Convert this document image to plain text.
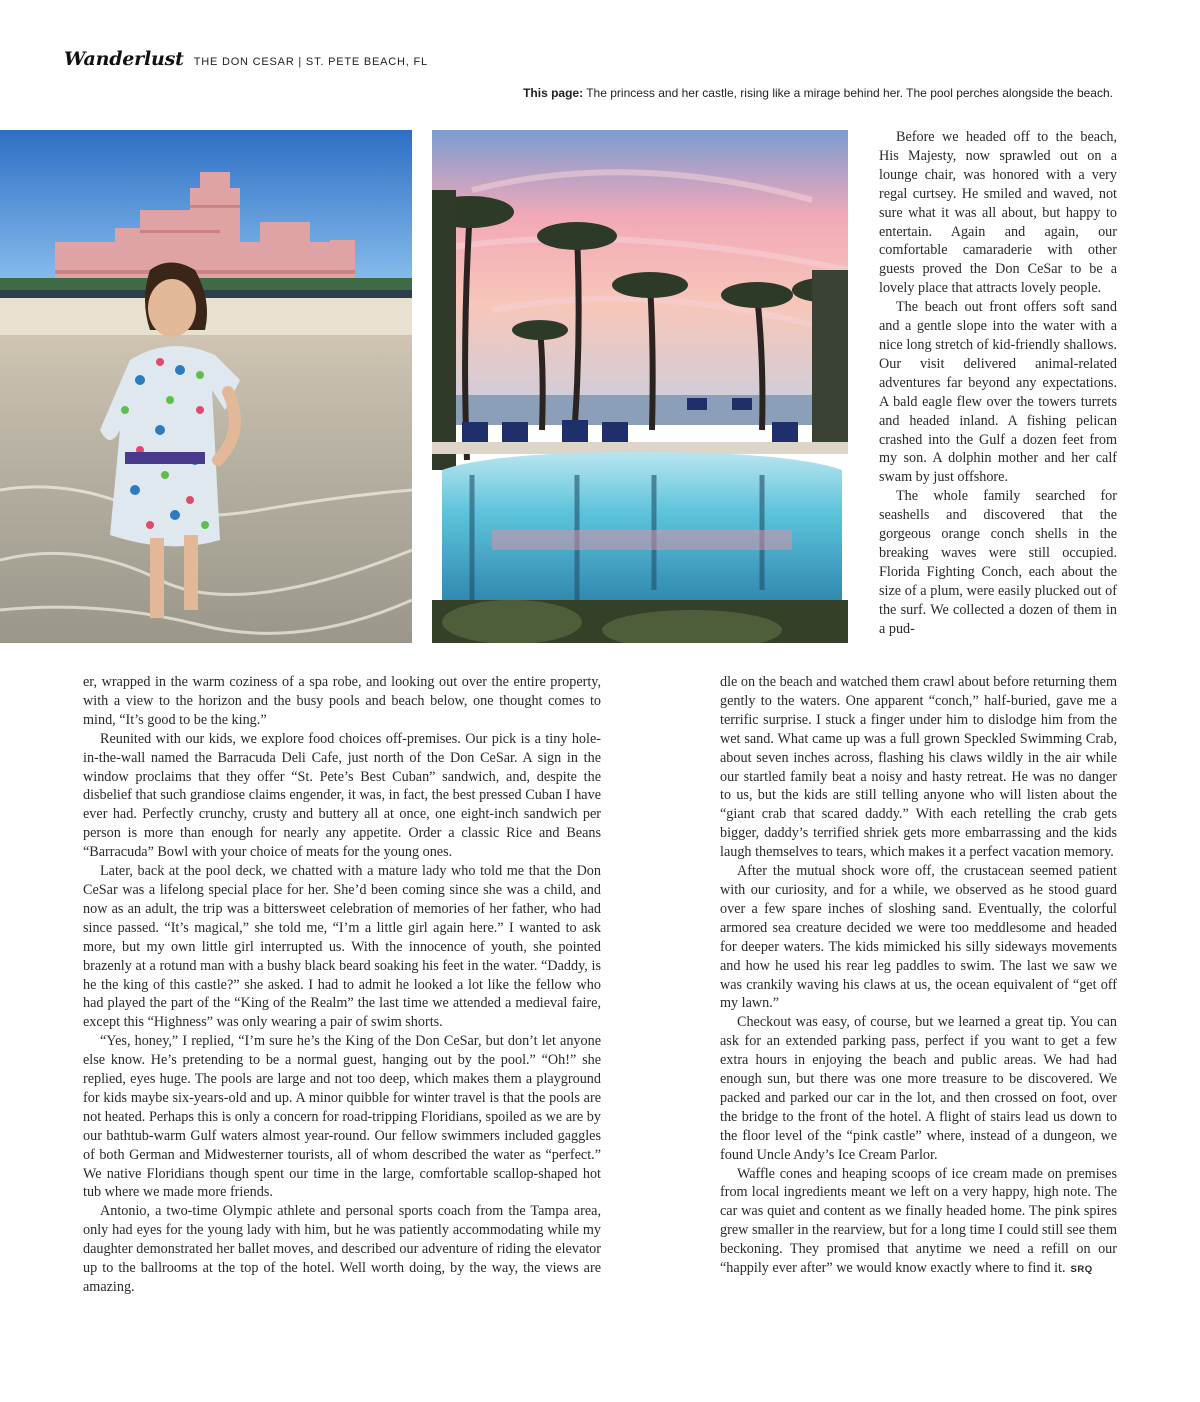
Wanderlust THE DON CESAR | ST. PETE BEACH, FL
This page: The princess and her castle, rising like a mirage behind her. The pool perches alongside the beach.

Before we headed off to the beach, His Majesty, now sprawled out on a lounge chair, was honored with a very regal curtsey. He smiled and waved, not sure what it was all about, but happy to entertain. Again and again, our comfortable camaraderie with other guests proved the Don CeSar to be a lovely place that attracts lovely people.

The beach out front offers soft sand and a gentle slope into the water with a nice long stretch of kid-friendly shallows. Our visit delivered animal-related adventures far beyond any expectations. A bald eagle flew over the towers turrets and headed inland. A fishing pelican crashed into the Gulf a dozen feet from my son. A dolphin mother and her calf swam by just offshore.

The whole family searched for seashells and discovered that the gorgeous orange conch shells in the breaking waves were still occupied. Florida Fighting Conch, each about the size of a plum, were easily plucked out of the surf. We collected a dozen of them in a pud-

er, wrapped in the warm coziness of a spa robe, and looking out over the entire property, with a view to the horizon and the busy pools and beach below, one thought comes to mind, “It’s good to be the king.”

Reunited with our kids, we explore food choices off-premises. Our pick is a tiny hole-in-the-wall named the Barracuda Deli Cafe, just north of the Don CeSar. A sign in the window proclaims that they offer “St. Pete’s Best Cuban” sandwich, and, despite the disbelief that such grandiose claims engender, it was, in fact, the best pressed Cuban I have ever had. Perfectly crunchy, crusty and buttery all at once, one eight-inch sandwich per person is more than enough for nearly any appetite. Order a classic Rice and Beans “Barracuda” Bowl with your choice of meats for the young ones.

Later, back at the pool deck, we chatted with a mature lady who told me that the Don CeSar was a lifelong special place for her. She’d been coming since she was a child, and now as an adult, the trip was a bittersweet celebration of memories of her father, who had since passed. “It’s magical,” she told me, “I’m a little girl again here.” I wanted to ask more, but my own little girl interrupted us. With the innocence of youth, she pointed brazenly at a rotund man with a bushy black beard soaking his feet in the water. “Daddy, is he the king of this castle?” she asked. I had to admit he looked a lot like the fellow who had played the part of the “King of the Realm” the last time we attended a medieval faire, except this “Highness” was only wearing a pair of swim shorts.

“Yes, honey,” I replied, “I’m sure he’s the King of the Don CeSar, but don’t let anyone else know. He’s pretending to be a normal guest, hanging out by the pool.” “Oh!” she replied, eyes huge. The pools are large and not too deep, which makes them a playground for kids maybe six-years-old and up. A minor quibble for winter travel is that the pools are not heated. Perhaps this is only a concern for road-tripping Floridians, spoiled as we are by our bathtub-warm Gulf waters almost year-round. Our fellow swimmers included gaggles of both German and Midwesterner tourists, all of whom described the water as “perfect.” We native Floridians though spent our time in the large, comfortable scallop-shaped hot tub where we made more friends.

Antonio, a two-time Olympic athlete and personal sports coach from the Tampa area, only had eyes for the young lady with him, but he was patiently accommodating while my daughter demonstrated her ballet moves, and described our adventure of riding the elevator up to the ballrooms at the top of the hotel. Well worth doing, by the way, the views are amazing.

dle on the beach and watched them crawl about before returning them gently to the waters. One apparent “conch,” half-buried, gave me a terrific surprise. I stuck a finger under him to dislodge him from the wet sand. What came up was a full grown Speckled Swimming Crab, about seven inches across, flashing his claws wildly in the air while our startled family beat a noisy and hasty retreat. He was no danger to us, but the kids are still telling anyone who will listen about the “giant crab that scared daddy.” With each retelling the crab gets bigger, daddy’s terrified shriek gets more embarrassing and the kids laugh themselves to tears, which makes it a perfect vacation memory.

After the mutual shock wore off, the crustacean seemed patient with our curiosity, and for a while, we observed as he stood guard over a few spare inches of sloshing sand. Eventually, the colorful armored sea creature decided we were too meddlesome and headed for deeper waters. The kids mimicked his silly sideways movements and how he used his rear leg paddles to swim. The last we saw we was crankily waving his claws at us, the ocean equivalent of “get off my lawn.”

Checkout was easy, of course, but we learned a great tip. You can ask for an extended parking pass, perfect if you want to get a few extra hours in enjoying the beach and public areas. We had had enough sun, but there was one more treasure to be discovered. We packed and parked our car in the lot, and then crossed on foot, over the bridge to the front of the hotel. A flight of stairs lead us down to the floor level of the “pink castle” where, instead of a dungeon, we found Uncle Andy’s Ice Cream Parlor.

Waffle cones and heaping scoops of ice cream made on premises from local ingredients meant we left on a very happy, high note. The car was quiet and content as we finally headed home. The pink spires grew smaller in the rearview, but for a long time I could still see them beckoning. They promised that anytime we need a refill on our “happily ever after” we would know exactly where to find it. SRQ
